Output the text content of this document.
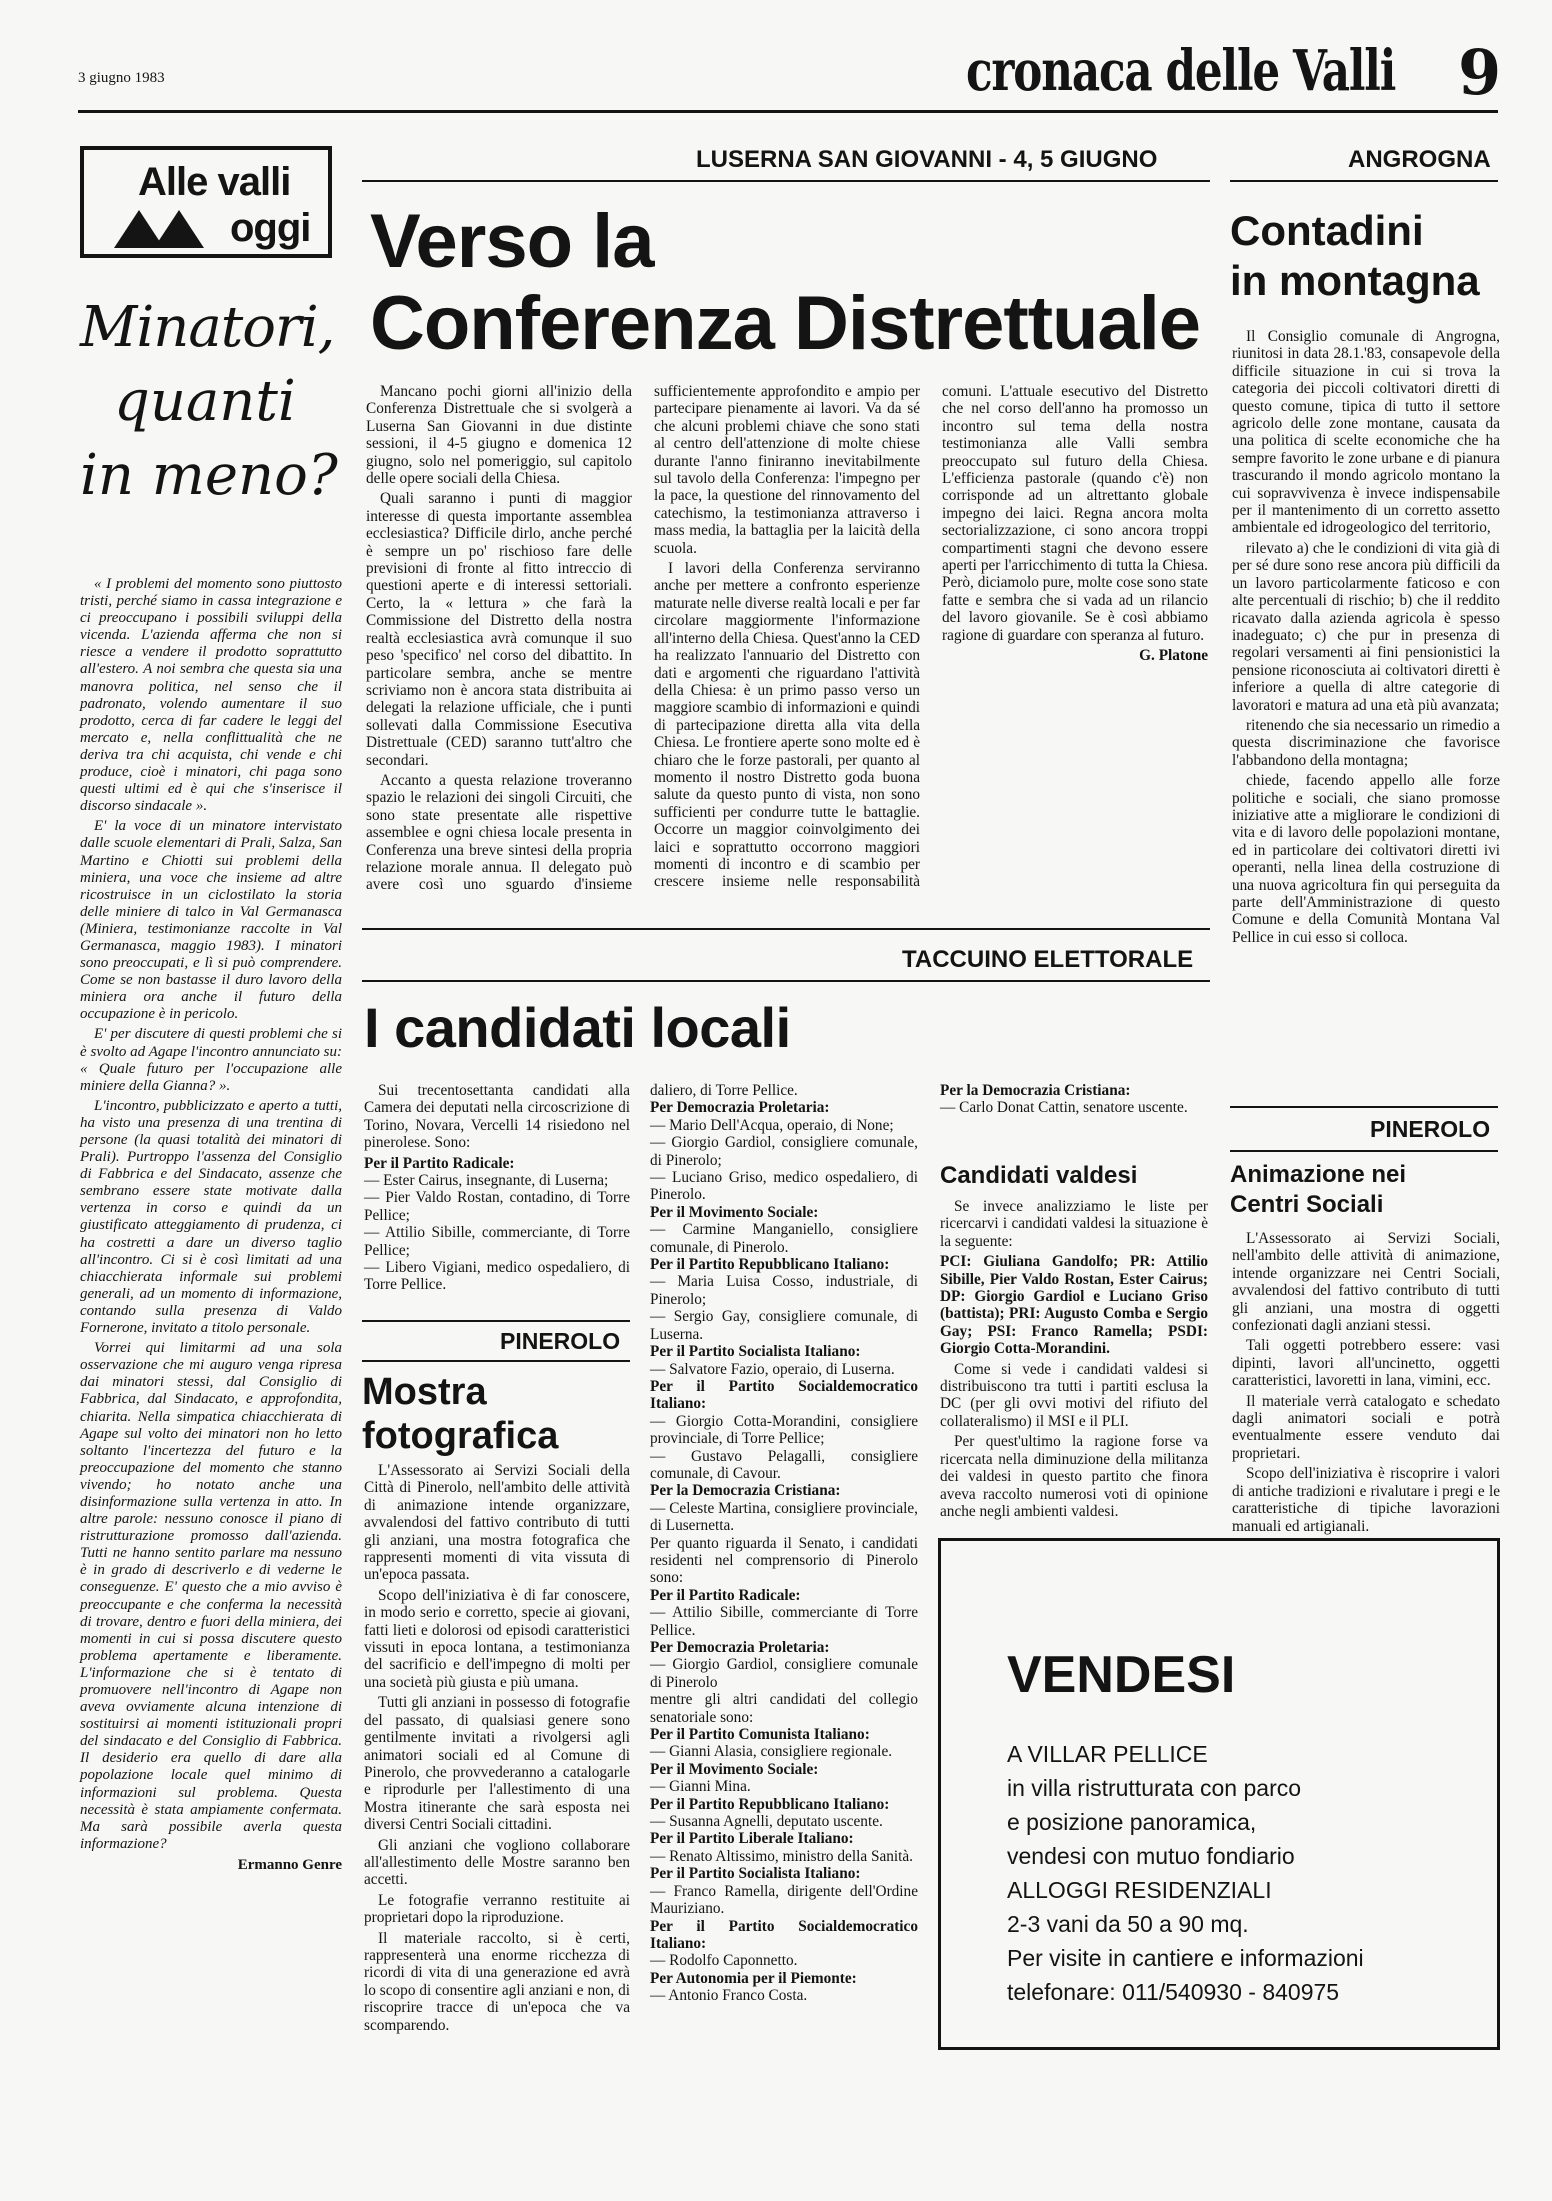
3 giugno 1983	cronaca delle Valli 9
Alle valli
oggi
Minatori,
quanti
in meno?

« I problemi del momento sono piuttosto tristi, perché siamo in cassa integrazione e ci preoccupano i possibili sviluppi della vicenda. L'azienda afferma che non si riesce a vendere il prodotto soprattutto all'estero. A noi sembra che questa sia una manovra politica, nel senso che il padronato, volendo aumentare il suo prodotto, cerca di far cadere le leggi del mercato e, nella conflittualità che ne deriva tra chi acquista, chi vende e chi produce, cioè i minatori, chi paga sono questi ultimi ed è qui che s'inserisce il discorso sindacale ».

E' la voce di un minatore intervistato dalle scuole elementari di Prali, Salza, San Martino e Chiotti sui problemi della miniera, una voce che insieme ad altre ricostruisce in un ciclostilato la storia delle miniere di talco in Val Germanasca (Miniera, testimonianze raccolte in Val Germanasca, maggio 1983). I minatori sono preoccupati, e lì si può comprendere. Come se non bastasse il duro lavoro della miniera ora anche il futuro della occupazione è in pericolo.

E' per discutere di questi problemi che si è svolto ad Agape l'incontro annunciato su: « Quale futuro per l'occupazione alle miniere della Gianna? ».

L'incontro, pubblicizzato e aperto a tutti, ha visto una presenza di una trentina di persone (la quasi totalità dei minatori di Prali). Purtroppo l'assenza del Consiglio di Fabbrica e del Sindacato, assenze che sembrano essere state motivate dalla vertenza in corso e quindi da un giustificato atteggiamento di prudenza, ci ha costretti a dare un diverso taglio all'incontro. Ci si è così limitati ad una chiacchierata informale sui problemi generali, ad un momento di informazione, contando sulla presenza di Valdo Fornerone, invitato a titolo personale.

Vorrei qui limitarmi ad una sola osservazione che mi auguro venga ripresa dai minatori stessi, dal Consiglio di Fabbrica, dal Sindacato, e approfondita, chiarita. Nella simpatica chiacchierata di Agape sul volto dei minatori non ho letto soltanto l'incertezza del futuro e la preoccupazione del momento che stanno vivendo; ho notato anche una disinformazione sulla vertenza in atto. In altre parole: nessuno conosce il piano di ristrutturazione promosso dall'azienda. Tutti ne hanno sentito parlare ma nessuno è in grado di descriverlo e di vederne le conseguenze. E' questo che a mio avviso è preoccupante e che conferma la necessità di trovare, dentro e fuori della miniera, dei momenti in cui si possa discutere questo problema apertamente e liberamente. L'informazione che si è tentato di promuovere nell'incontro di Agape non aveva ovviamente alcuna intenzione di sostituirsi ai momenti istituzionali propri del sindacato e del Consiglio di Fabbrica. Il desiderio era quello di dare alla popolazione locale quel minimo di informazioni sul problema. Questa necessità è stata ampiamente confermata. Ma sarà possibile averla questa informazione?

Ermanno Genre
LUSERNA SAN GIOVANNI - 4, 5 GIUGNO
Verso la
Conferenza Distrettuale

Mancano pochi giorni all'inizio della Conferenza Distrettuale che si svolgerà a Luserna San Giovanni in due distinte sessioni, il 4-5 giugno e domenica 12 giugno, solo nel pomeriggio, sul capitolo delle opere sociali della Chiesa.

Quali saranno i punti di maggior interesse di questa importante assemblea ecclesiastica? Difficile dirlo, anche perché è sempre un po' rischioso fare delle previsioni di fronte al fitto intreccio di questioni aperte e di interessi settoriali. Certo, la « lettura » che farà la Commissione del Distretto della nostra realtà ecclesiastica avrà comunque il suo peso 'specifico' nel corso del dibattito. In particolare sembra, anche se mentre scriviamo non è ancora stata distribuita ai delegati la relazione ufficiale, che i punti sollevati dalla Commissione Esecutiva Distrettuale (CED) saranno tutt'altro che secondari.

Accanto a questa relazione troveranno spazio le relazioni dei singoli Circuiti, che sono state presentate alle rispettive assemblee e ogni chiesa locale presenta in Conferenza una breve sintesi della propria relazione morale annua. Il delegato può avere così uno sguardo d'insieme sufficientemente approfondito e ampio per partecipare pienamente ai lavori. Va da sé che alcuni problemi chiave che sono stati al centro dell'attenzione di molte chiese durante l'anno finiranno inevitabilmente sul tavolo della Conferenza: l'impegno per la pace, la questione del rinnovamento del catechismo, la testimonianza attraverso i mass media, la battaglia per la laicità della scuola.

I lavori della Conferenza serviranno anche per mettere a confronto esperienze maturate nelle diverse realtà locali e per far circolare maggiormente l'informazione all'interno della Chiesa. Quest'anno la CED ha realizzato l'annuario del Distretto con dati e argomenti che riguardano l'attività della Chiesa: è un primo passo verso un maggiore scambio di informazioni e quindi di partecipazione diretta alla vita della Chiesa. Le frontiere aperte sono molte ed è chiaro che le forze pastorali, per quanto al momento il nostro Distretto goda buona salute da questo punto di vista, non sono sufficienti per condurre tutte le battaglie. Occorre un maggior coinvolgimento dei laici e soprattutto occorrono maggiori momenti di incontro e di scambio per crescere insieme nelle responsabilità comuni. L'attuale esecutivo del Distretto che nel corso dell'anno ha promosso un incontro sul tema della nostra testimonianza alle Valli sembra preoccupato sul futuro della Chiesa. L'efficienza pastorale (quando c'è) non corrisponde ad un altrettanto globale impegno dei laici. Regna ancora molta sectorializzazione, ci sono ancora troppi compartimenti stagni che devono essere aperti per l'arricchimento di tutta la Chiesa. Però, diciamolo pure, molte cose sono state fatte e sembra che si vada ad un rilancio del lavoro giovanile. Se è così abbiamo ragione di guardare con speranza al futuro.

G. Platone
ANGROGNA
Contadini
in montagna

Il Consiglio comunale di Angrogna, riunitosi in data 28.1.'83, consapevole della difficile situazione in cui si trova la categoria dei piccoli coltivatori diretti di questo comune, tipica di tutto il settore agricolo delle zone montane, causata da una politica di scelte economiche che ha sempre favorito le zone urbane e di pianura trascurando il mondo agricolo montano la cui sopravvivenza è invece indispensabile per il mantenimento di un corretto assetto ambientale ed idrogeologico del territorio,

rilevato a) che le condizioni di vita già di per sé dure sono rese ancora più difficili da un lavoro particolarmente faticoso e con alte percentuali di rischio; b) che il reddito ricavato dalla azienda agricola è spesso inadeguato; c) che pur in presenza di regolari versamenti ai fini pensionistici la pensione riconosciuta ai coltivatori diretti è inferiore a quella di altre categorie di lavoratori e matura ad una età più avanzata;

ritenendo che sia necessario un rimedio a questa discriminazione che favorisce l'abbandono della montagna;

chiede, facendo appello alle forze politiche e sociali, che siano promosse iniziative atte a migliorare le condizioni di vita e di lavoro delle popolazioni montane, ed in particolare dei coltivatori diretti ivi operanti, nella linea della costruzione di una nuova agricoltura fin qui perseguita da parte dell'Amministrazione di questo Comune e della Comunità Montana Val Pellice in cui esso si colloca.

PINEROLO
Animazione nei
Centri Sociali

L'Assessorato ai Servizi Sociali, nell'ambito delle attività di animazione, intende organizzare nei Centri Sociali, avvalendosi del fattivo contributo di tutti gli anziani, una mostra di oggetti confezionati dagli anziani stessi.

Tali oggetti potrebbero essere: vasi dipinti, lavori all'uncinetto, oggetti caratteristici, lavoretti in lana, vimini, ecc.

Il materiale verrà catalogato e schedato dagli animatori sociali e potrà eventualmente essere venduto dai proprietari.

Scopo dell'iniziativa è riscoprire i valori di antiche tradizioni e rivalutare i pregi e le caratteristiche di tipiche lavorazioni manuali ed artigianali.

TACCUINO ELETTORALE
I candidati locali

Sui trecentosettanta candidati alla Camera dei deputati nella circoscrizione di Torino, Novara, Vercelli 14 risiedono nel pinerolese. Sono:

Per il Partito Radicale:
— Ester Cairus, insegnante, di Luserna;
— Pier Valdo Rostan, contadino, di Torre Pellice;
— Attilio Sibille, commerciante, di Torre Pellice;
— Libero Vigiani, medico ospedaliero, di Torre Pellice.
dalierо, di Torre Pellice.
Per Democrazia Proletaria:
— Mario Dell'Acqua, operaio, di None;
— Giorgio Gardiol, consigliere comunale, di Pinerolo;
— Luciano Griso, medico ospedaliero, di Pinerolo.
Per il Movimento Sociale:
— Carmine Manganiello, consigliere comunale, di Pinerolo.
Per il Partito Repubblicano Italiano:
— Maria Luisa Cosso, industriale, di Pinerolo;
— Sergio Gay, consigliere comunale, di Luserna.
Per il Partito Socialista Italiano:
— Salvatore Fazio, operaio, di Luserna.
Per il Partito Socialdemocratico Italiano:
— Giorgio Cotta-Morandini, consigliere provinciale, di Torre Pellice;
— Gustavo Pelagalli, consigliere comunale, di Cavour.
Per la Democrazia Cristiana:
— Celeste Martina, consigliere provinciale, di Lusernetta.
Per quanto riguarda il Senato, i candidati residenti nel comprensorio di Pinerolo sono:
Per il Partito Radicale:
— Attilio Sibille, commerciante di Torre Pellice.
Per Democrazia Proletaria:
— Giorgio Gardiol, consigliere comunale di Pinerolo
mentre gli altri candidati del collegio senatoriale sono:
Per il Partito Comunista Italiano:
— Gianni Alasia, consigliere regionale.
Per il Movimento Sociale:
— Gianni Mina.
Per il Partito Repubblicano Italiano:
— Susanna Agnelli, deputato uscente.
Per il Partito Liberale Italiano:
— Renato Altissimo, ministro della Sanità.
Per il Partito Socialista Italiano:
— Franco Ramella, dirigente dell'Ordine Mauriziano.
Per il Partito Socialdemocratico Italiano:
— Rodolfo Caponnetto.
Per Autonomia per il Piemonte:
— Antonio Franco Costa.
Per la Democrazia Cristiana:
— Carlo Donat Cattin, senatore uscente.
Candidati valdesi

Se invece analizziamo le liste per ricercarvi i candidati valdesi la situazione è la seguente:

PCI: Giuliana Gandolfo; PR: Attilio Sibille, Pier Valdo Rostan, Ester Cairus; DP: Giorgio Gardiol e Luciano Griso (battista); PRI: Augusto Comba e Sergio Gay; PSI: Franco Ramella; PSDI: Giorgio Cotta-Morandini.

Come si vede i candidati valdesi si distribuiscono tra tutti i partiti esclusa la DC (per gli ovvi motivi del rifiuto del collateralismo) il MSI e il PLI.

Per quest'ultimo la ragione forse va ricercata nella diminuzione della militanza dei valdesi in questo partito che finora aveva raccolto numerosi voti di opinione anche negli ambienti valdesi.

PINEROLO
Mostra
fotografica

L'Assessorato ai Servizi Sociali della Città di Pinerolo, nell'ambito delle attività di animazione intende organizzare, avvalendosi del fattivo contributo di tutti gli anziani, una mostra fotografica che rappresenti momenti di vita vissuta di un'epoca passata.

Scopo dell'iniziativa è di far conoscere, in modo serio e corretto, specie ai giovani, fatti lieti e dolorosi od episodi caratteristici vissuti in epoca lontana, a testimonianza del sacrificio e dell'impegno di molti per una società più giusta e più umana.

Tutti gli anziani in possesso di fotografie del passato, di qualsiasi genere sono gentilmente invitati a rivolgersi agli animatori sociali ed al Comune di Pinerolo, che provvederanno a catalogarle e riprodurle per l'allestimento di una Mostra itinerante che sarà esposta nei diversi Centri Sociali cittadini.

Gli anziani che vogliono collaborare all'allestimento delle Mostre saranno ben accetti.

Le fotografie verranno restituite ai proprietari dopo la riproduzione.

Il materiale raccolto, si è certi, rappresenterà una enorme ricchezza di ricordi di vita di una generazione ed avrà lo scopo di consentire agli anziani e non, di riscoprire tracce di un'epoca che va scomparendo.

VENDESI
A VILLAR PELLICE
in villa ristrutturata con parco
e posizione panoramica,
vendesi con mutuo fondiario
ALLOGGI RESIDENZIALI
2-3 vani da 50 a 90 mq.
Per visite in cantiere e informazioni
telefonare: 011/540930 - 840975
